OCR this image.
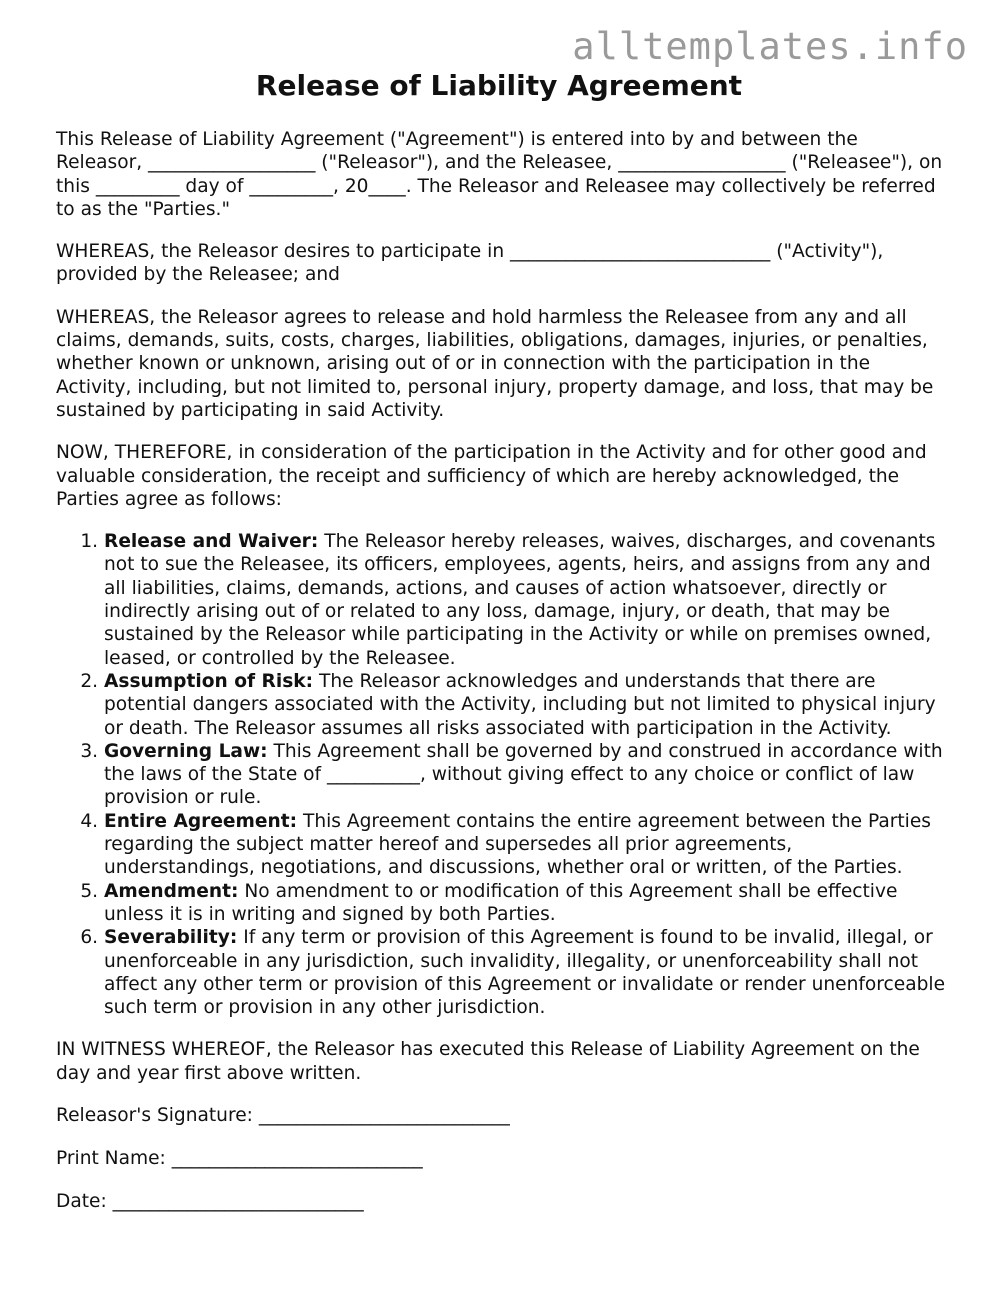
alltemplates.info
Release of Liability Agreement

This Release of Liability Agreement ("Agreement") is entered into by and between the Releasor, __________________ ("Releasor"), and the Releasee, __________________ ("Releasee"), on this _________ day of _________, 20____. The Releasor and Releasee may collectively be referred to as the "Parties."

WHEREAS, the Releasor desires to participate in ____________________________ ("Activity"), provided by the Releasee; and

WHEREAS, the Releasor agrees to release and hold harmless the Releasee from any and all claims, demands, suits, costs, charges, liabilities, obligations, damages, injuries, or penalties, whether known or unknown, arising out of or in connection with the participation in the Activity, including, but not limited to, personal injury, property damage, and loss, that may be sustained by participating in said Activity.

NOW, THEREFORE, in consideration of the participation in the Activity and for other good and valuable consideration, the receipt and sufficiency of which are hereby acknowledged, the Parties agree as follows:

1. Release and Waiver: The Releasor hereby releases, waives, discharges, and covenants not to sue the Releasee, its officers, employees, agents, heirs, and assigns from any and all liabilities, claims, demands, actions, and causes of action whatsoever, directly or indirectly arising out of or related to any loss, damage, injury, or death, that may be sustained by the Releasor while participating in the Activity or while on premises owned, leased, or controlled by the Releasee.
2. Assumption of Risk: The Releasor acknowledges and understands that there are potential dangers associated with the Activity, including but not limited to physical injury or death. The Releasor assumes all risks associated with participation in the Activity.
3. Governing Law: This Agreement shall be governed by and construed in accordance with the laws of the State of __________, without giving effect to any choice or conflict of law provision or rule.
4. Entire Agreement: This Agreement contains the entire agreement between the Parties regarding the subject matter hereof and supersedes all prior agreements, understandings, negotiations, and discussions, whether oral or written, of the Parties.
5. Amendment: No amendment to or modification of this Agreement shall be effective unless it is in writing and signed by both Parties.
6. Severability: If any term or provision of this Agreement is found to be invalid, illegal, or unenforceable in any jurisdiction, such invalidity, illegality, or unenforceability shall not affect any other term or provision of this Agreement or invalidate or render unenforceable such term or provision in any other jurisdiction.

IN WITNESS WHEREOF, the Releasor has executed this Release of Liability Agreement on the day and year first above written.

Releasor's Signature: ___________________________
Print Name: ___________________________
Date: ___________________________
